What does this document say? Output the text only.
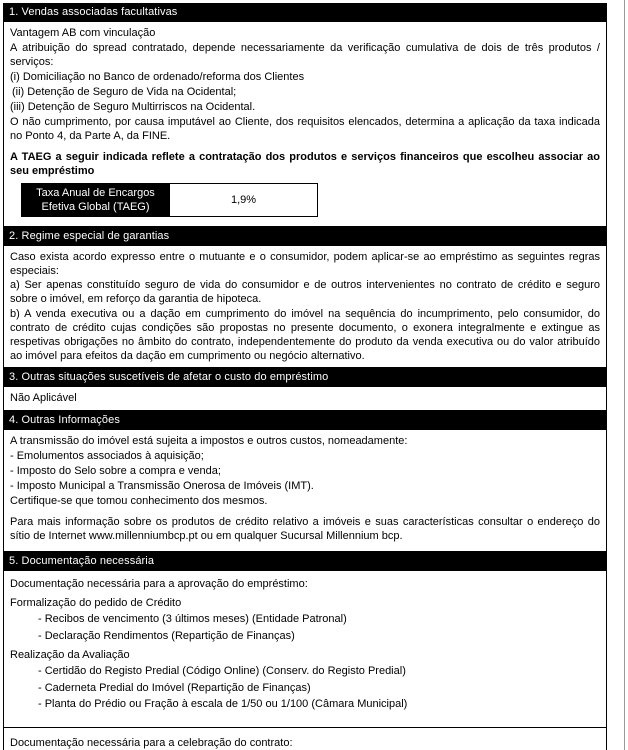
1. Vendas associadas facultativas

Vantagem AB com vinculação

A atribuição do spread contratado, depende necessariamente da verificação cumulativa de dois de três produtos / serviços:

(i) Domiciliação no Banco de ordenado/reforma dos Clientes

(ii) Detenção de Seguro de Vida na Ocidental;

(iii) Detenção de Seguro Multirriscos na Ocidental.

O não cumprimento, por causa imputável ao Cliente, dos requisitos elencados, determina a aplicação da taxa indicada no Ponto 4, da Parte A, da FINE.

A TAEG a seguir indicada reflete a contratação dos produtos e serviços financeiros que escolheu associar ao seu empréstimo

Taxa Anual de Encargos Efetiva Global (TAEG)	1,9%
2. Regime especial de garantias

Caso exista acordo expresso entre o mutuante e o consumidor, podem aplicar-se ao empréstimo as seguintes regras especiais:

a) Ser apenas constituído seguro de vida do consumidor e de outros intervenientes no contrato de crédito e seguro sobre o imóvel, em reforço da garantia de hipoteca.

b) A venda executiva ou a dação em cumprimento do imóvel na sequência do incumprimento, pelo consumidor, do contrato de crédito cujas condições são propostas no presente documento, o exonera integralmente e extingue as respetivas obrigações no âmbito do contrato, independentemente do produto da venda executiva ou do valor atribuído ao imóvel para efeitos da dação em cumprimento ou negócio alternativo.

3. Outras situações suscetíveis de afetar o custo do empréstimo

Não Aplicável

4. Outras Informações

A transmissão do imóvel está sujeita a impostos e outros custos, nomeadamente:

- Emolumentos associados à aquisição;

- Imposto do Selo sobre a compra e venda;

- Imposto Municipal a Transmissão Onerosa de Imóveis (IMT).

Certifique-se que tomou conhecimento dos mesmos.

Para mais informação sobre os produtos de crédito relativo a imóveis e suas características consultar o endereço do sítio de Internet www.millenniumbcp.pt ou em qualquer Sucursal Millennium bcp.

5. Documentação necessária

Documentação necessária para a aprovação do empréstimo:

Formalização do pedido de Crédito

- Recibos de vencimento (3 últimos meses) (Entidade Patronal)

- Declaração Rendimentos (Repartição de Finanças)

Realização da Avaliação

- Certidão do Registo Predial (Código Online) (Conserv. do Registo Predial)

- Caderneta Predial do Imóvel (Repartição de Finanças)

- Planta do Prédio ou Fração à escala de 1/50 ou 1/100 (Câmara Municipal)

Documentação necessária para a celebração do contrato:
